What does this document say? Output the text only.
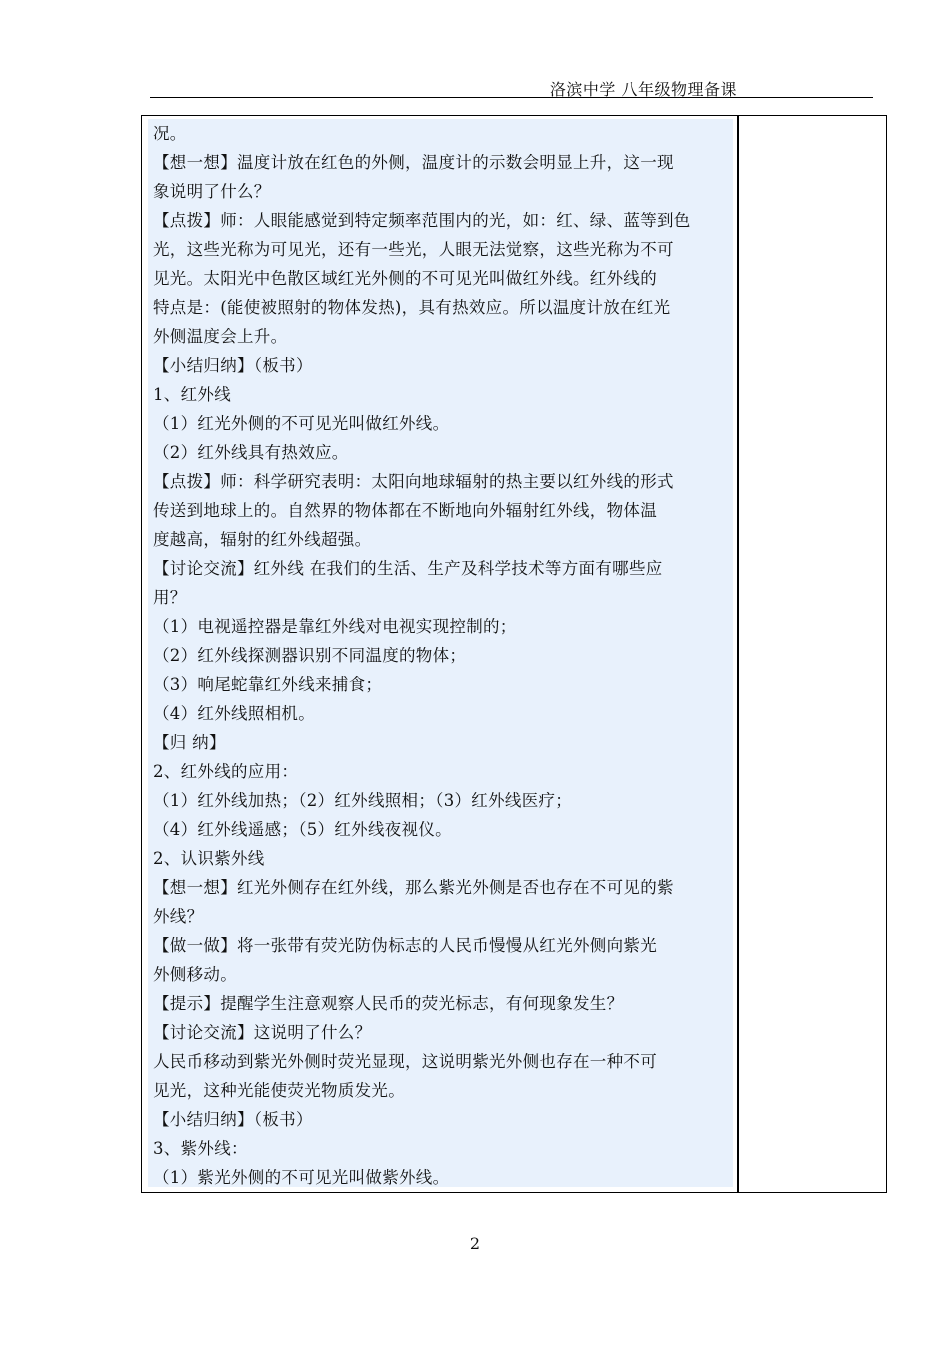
洛滨中学 八年级物理备课
况。
【想一想】温度计放在红色的外侧，温度计的示数会明显上升，这一现
象说明了什么？
【点拨】师：人眼能感觉到特定频率范围内的光，如：红、绿、蓝等到色
光，这些光称为可见光，还有一些光，人眼无法觉察，这些光称为不可
见光。太阳光中色散区域红光外侧的不可见光叫做红外线。红外线的
特点是：(能使被照射的物体发热)，具有热效应。所以温度计放在红光
外侧温度会上升。
【小结归纳】（板书）
1、红外线
（1）红光外侧的不可见光叫做红外线。
（2）红外线具有热效应。
【点拨】师：科学研究表明：太阳向地球辐射的热主要以红外线的形式
传送到地球上的。自然界的物体都在不断地向外辐射红外线，物体温
度越高，辐射的红外线超强。
【讨论交流】红外线 在我们的生活、生产及科学技术等方面有哪些应
用？
（1）电视遥控器是靠红外线对电视实现控制的；
（2）红外线探测器识别不同温度的物体；
（3）响尾蛇靠红外线来捕食；
（4）红外线照相机。
【归 纳】
2、红外线的应用：
（1）红外线加热；（2）红外线照相；（3）红外线医疗；
（4）红外线遥感；（5）红外线夜视仪。
2、认识紫外线
【想一想】红光外侧存在红外线，那么紫光外侧是否也存在不可见的紫
外线？
【做一做】将一张带有荧光防伪标志的人民币慢慢从红光外侧向紫光
外侧移动。
【提示】提醒学生注意观察人民币的荧光标志，有何现象发生？
【讨论交流】这说明了什么？
人民币移动到紫光外侧时荧光显现，这说明紫光外侧也存在一种不可
见光，这种光能使荧光物质发光。
【小结归纳】（板书）
3、紫外线：
（1）紫光外侧的不可见光叫做紫外线。
2
